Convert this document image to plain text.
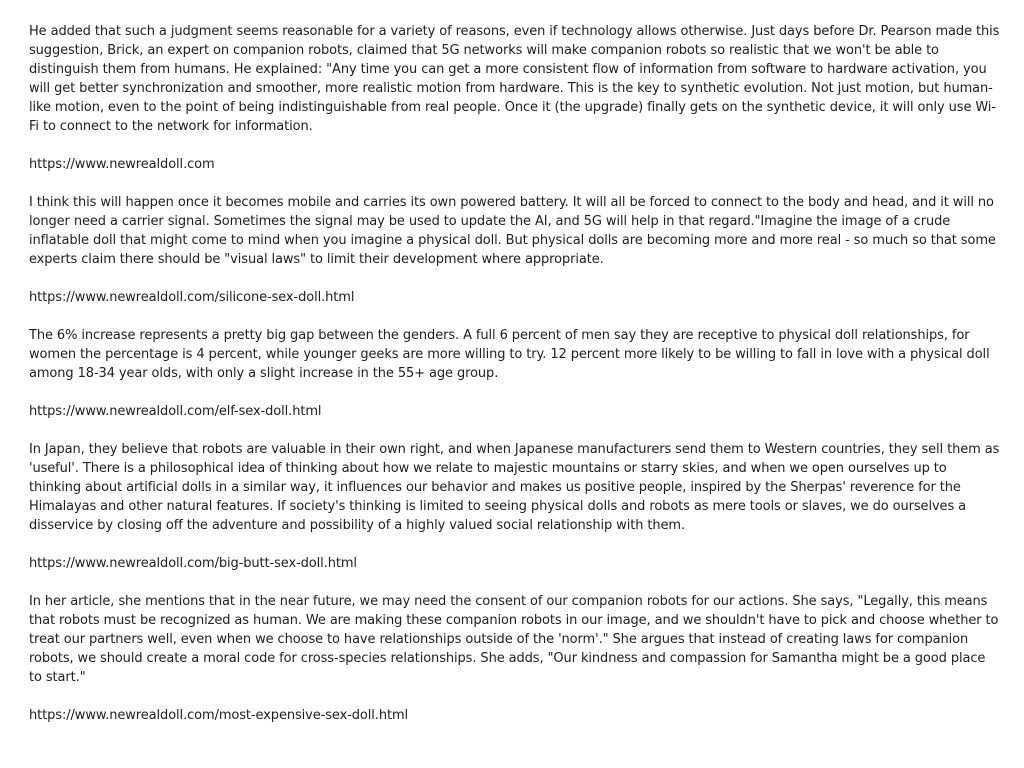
He added that such a judgment seems reasonable for a variety of reasons, even if technology allows otherwise. Just days before Dr. Pearson made this suggestion, Brick, an expert on companion robots, claimed that 5G networks will make companion robots so realistic that we won't be able to distinguish them from humans. He explained: "Any time you can get a more consistent flow of information from software to hardware activation, you will get better synchronization and smoother, more realistic motion from hardware. This is the key to synthetic evolution. Not just motion, but human-like motion, even to the point of being indistinguishable from real people. Once it (the upgrade) finally gets on the synthetic device, it will only use Wi-Fi to connect to the network for information.

https://www.newrealdoll.com

I think this will happen once it becomes mobile and carries its own powered battery. It will all be forced to connect to the body and head, and it will no longer need a carrier signal. Sometimes the signal may be used to update the AI, and 5G will help in that regard."Imagine the image of a crude inflatable doll that might come to mind when you imagine a physical doll. But physical dolls are becoming more and more real - so much so that some experts claim there should be "visual laws" to limit their development where appropriate.

https://www.newrealdoll.com/silicone-sex-doll.html

The 6% increase represents a pretty big gap between the genders. A full 6 percent of men say they are receptive to physical doll relationships, for women the percentage is 4 percent, while younger geeks are more willing to try. 12 percent more likely to be willing to fall in love with a physical doll among 18-34 year olds, with only a slight increase in the 55+ age group.

https://www.newrealdoll.com/elf-sex-doll.html

In Japan, they believe that robots are valuable in their own right, and when Japanese manufacturers send them to Western countries, they sell them as 'useful'. There is a philosophical idea of thinking about how we relate to majestic mountains or starry skies, and when we open ourselves up to thinking about artificial dolls in a similar way, it influences our behavior and makes us positive people, inspired by the Sherpas' reverence for the Himalayas and other natural features. If society's thinking is limited to seeing physical dolls and robots as mere tools or slaves, we do ourselves a disservice by closing off the adventure and possibility of a highly valued social relationship with them.

https://www.newrealdoll.com/big-butt-sex-doll.html

In her article, she mentions that in the near future, we may need the consent of our companion robots for our actions. She says, "Legally, this means that robots must be recognized as human. We are making these companion robots in our image, and we shouldn't have to pick and choose whether to treat our partners well, even when we choose to have relationships outside of the 'norm'." She argues that instead of creating laws for companion robots, we should create a moral code for cross-species relationships. She adds, "Our kindness and compassion for Samantha might be a good place to start."

https://www.newrealdoll.com/most-expensive-sex-doll.html
